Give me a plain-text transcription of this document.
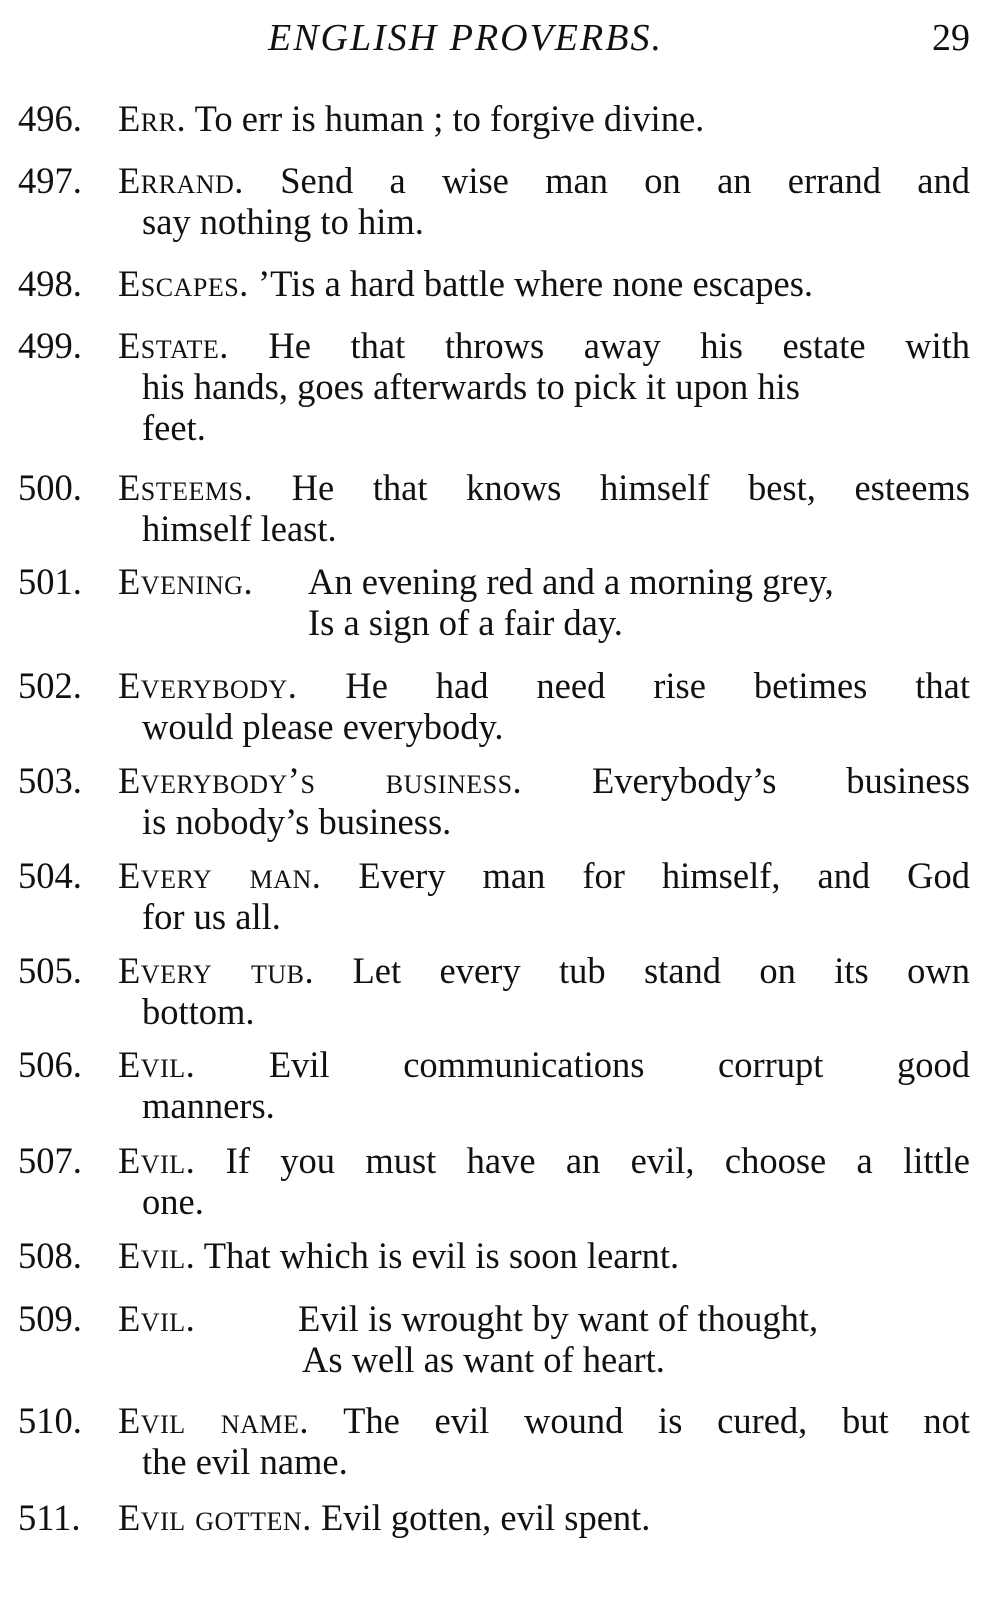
ENGLISH PROVERBS.	29
496. Err. To err is human ; to forgive divine.
497. Errand. Send a wise man on an errand and
say nothing to him.
498. Escapes. ’Tis a hard battle where none escapes.
499. Estate. He that throws away his estate with
his hands, goes afterwards to pick it upon his
feet.
500. Esteems. He that knows himself best, esteems
himself least.
501. Evening. An evening red and a morning grey,
Is a sign of a fair day.
502. Everybody. He had need rise betimes that
would please everybody.
503. Everybody’s business. Everybody’s business
is nobody’s business.
504. Every man. Every man for himself, and God
for us all.
505. Every tub. Let every tub stand on its own
bottom.
506. Evil. Evil communications corrupt good
manners.
507. Evil. If you must have an evil, choose a little
one.
508. Evil. That which is evil is soon learnt.
509. Evil.	Evil is wrought by want of thought,
As well as want of heart.
510. Evil name. The evil wound is cured, but not
the evil name.
511. Evil gotten. Evil gotten, evil spent.
